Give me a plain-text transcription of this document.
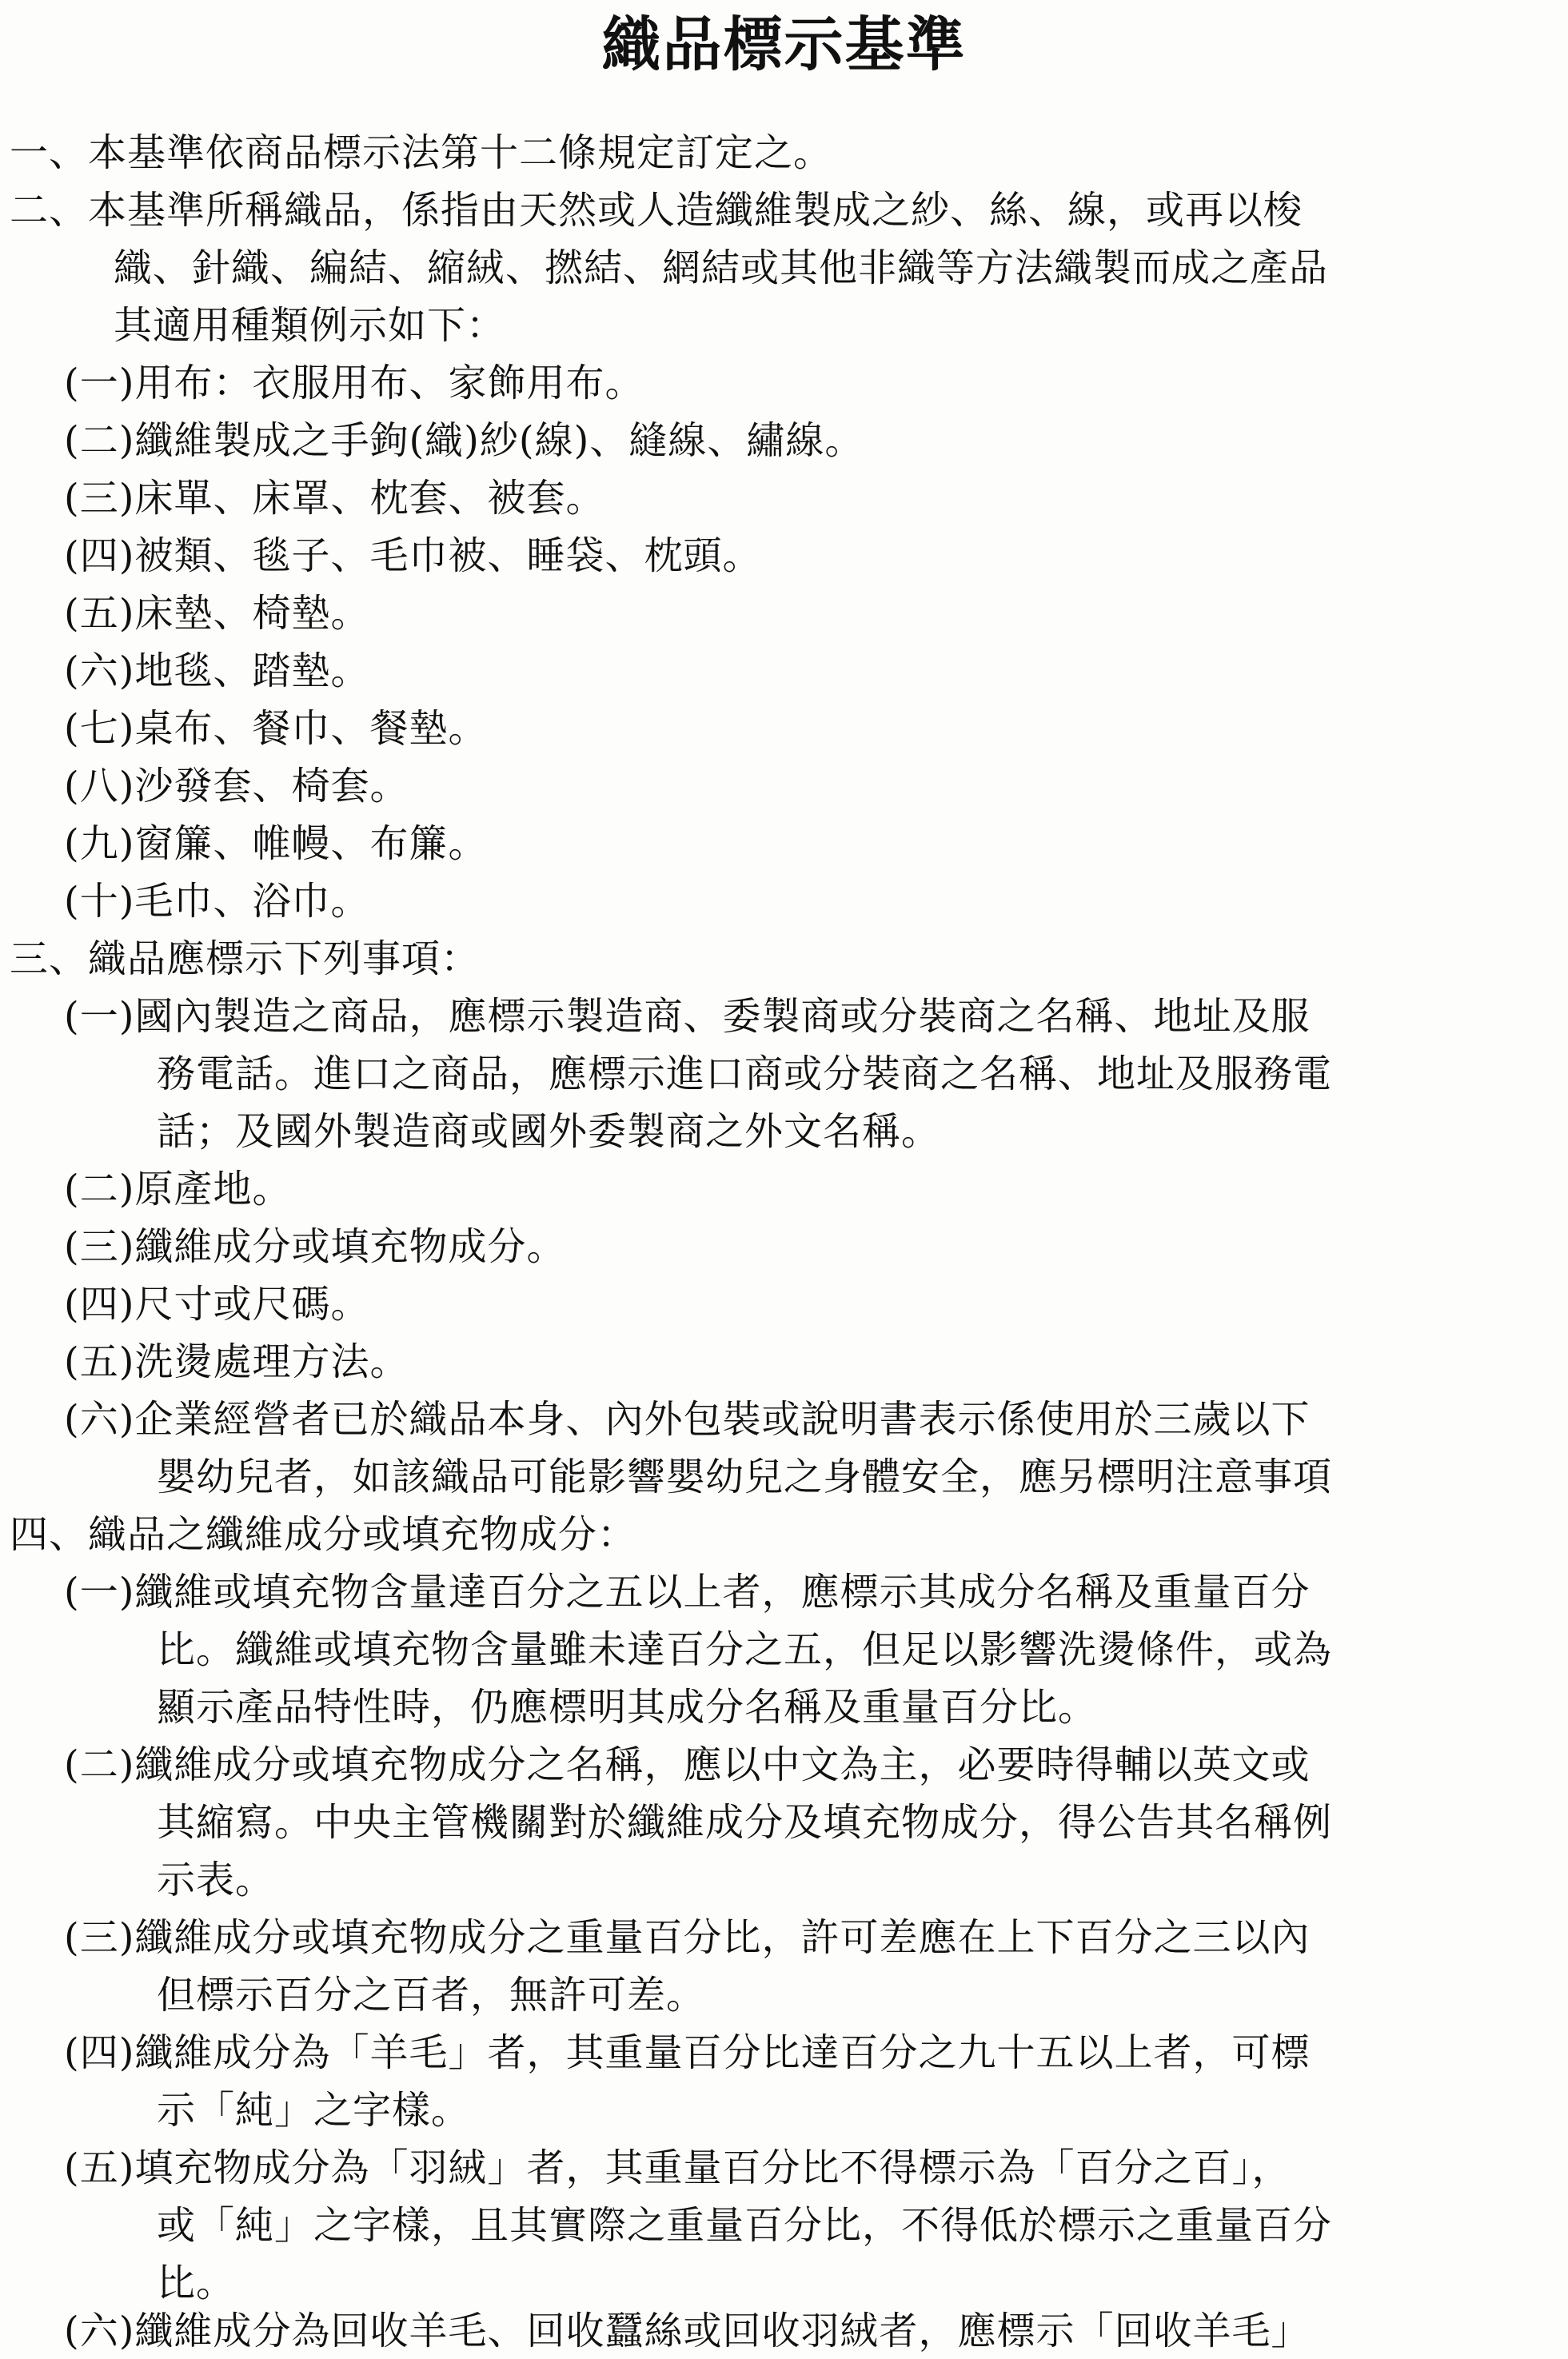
織品標示基準
一、本基準依商品標示法第十二條規定訂定之。
二、本基準所稱織品，係指由天然或人造纖維製成之紗、絲、線，或再以梭
織、針織、編結、縮絨、撚結、網結或其他非織等方法織製而成之產品
其適用種類例示如下：
(一)用布：衣服用布、家飾用布。
(二)纖維製成之手鉤(織)紗(線)、縫線、繡線。
(三)床單、床罩、枕套、被套。
(四)被類、毯子、毛巾被、睡袋、枕頭。
(五)床墊、椅墊。
(六)地毯、踏墊。
(七)桌布、餐巾、餐墊。
(八)沙發套、椅套。
(九)窗簾、帷幔、布簾。
(十)毛巾、浴巾。
三、織品應標示下列事項：
(一)國內製造之商品，應標示製造商、委製商或分裝商之名稱、地址及服
務電話。進口之商品，應標示進口商或分裝商之名稱、地址及服務電
話；及國外製造商或國外委製商之外文名稱。
(二)原產地。
(三)纖維成分或填充物成分。
(四)尺寸或尺碼。
(五)洗燙處理方法。
(六)企業經營者已於織品本身、內外包裝或說明書表示係使用於三歲以下
嬰幼兒者，如該織品可能影響嬰幼兒之身體安全，應另標明注意事項
四、織品之纖維成分或填充物成分：
(一)纖維或填充物含量達百分之五以上者，應標示其成分名稱及重量百分
比。纖維或填充物含量雖未達百分之五，但足以影響洗燙條件，或為
顯示產品特性時，仍應標明其成分名稱及重量百分比。
(二)纖維成分或填充物成分之名稱，應以中文為主，必要時得輔以英文或
其縮寫。中央主管機關對於纖維成分及填充物成分，得公告其名稱例
示表。
(三)纖維成分或填充物成分之重量百分比，許可差應在上下百分之三以內
但標示百分之百者，無許可差。
(四)纖維成分為「羊毛」者，其重量百分比達百分之九十五以上者，可標
示「純」之字樣。
(五)填充物成分為「羽絨」者，其重量百分比不得標示為「百分之百」，
或「純」之字樣，且其實際之重量百分比，不得低於標示之重量百分
比。
(六)纖維成分為回收羊毛、回收蠶絲或回收羽絨者，應標示「回收羊毛」
